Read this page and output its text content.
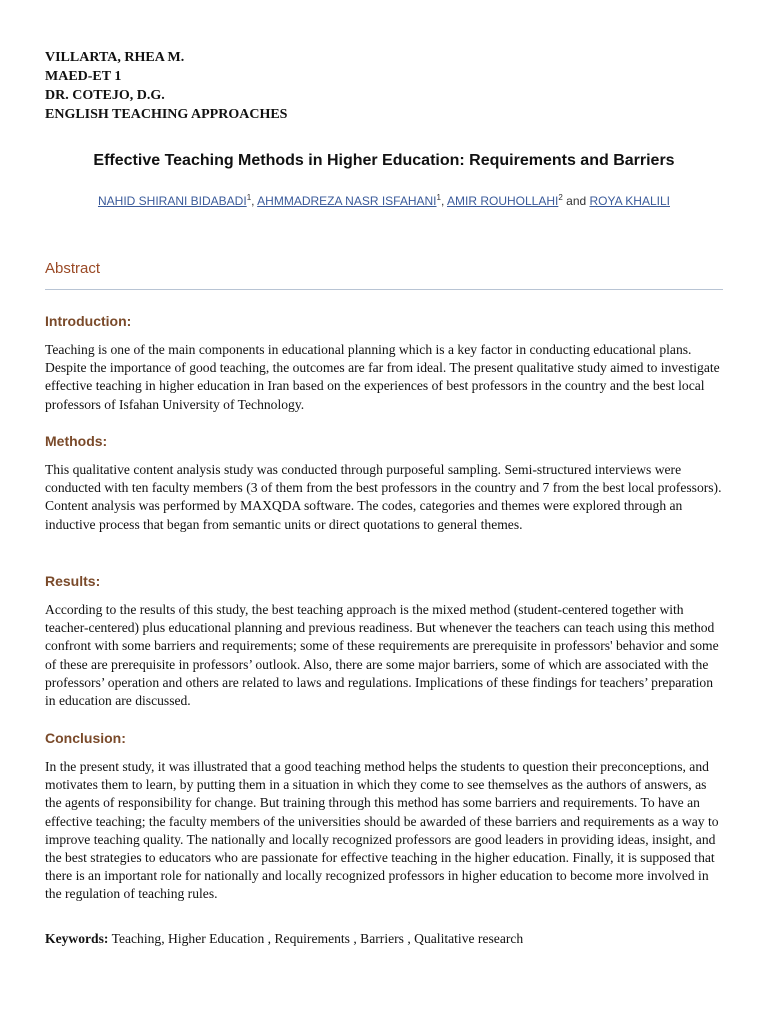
VILLARTA, RHEA M.
MAED-ET 1
DR. COTEJO, D.G.
ENGLISH TEACHING APPROACHES
Effective Teaching Methods in Higher Education: Requirements and Barriers
NAHID SHIRANI BIDABADI$^1$, AHMMADREZA NASR ISFAHANI$^1$, AMIR ROUHOLLAHI$^2$ and ROYA KHALILI
Abstract
Introduction:

Teaching is one of the main components in educational planning which is a key factor in conducting educational plans. Despite the importance of good teaching, the outcomes are far from ideal. The present qualitative study aimed to investigate effective teaching in higher education in Iran based on the experiences of best professors in the country and the best local professors of Isfahan University of Technology.

Methods:

This qualitative content analysis study was conducted through purposeful sampling. Semi-structured interviews were conducted with ten faculty members (3 of them from the best professors in the country and 7 from the best local professors). Content analysis was performed by MAXQDA software. The codes, categories and themes were explored through an inductive process that began from semantic units or direct quotations to general themes.

Results:

According to the results of this study, the best teaching approach is the mixed method (student-centered together with teacher-centered) plus educational planning and previous readiness. But whenever the teachers can teach using this method confront with some barriers and requirements; some of these requirements are prerequisite in professors' behavior and some of these are prerequisite in professors’ outlook. Also, there are some major barriers, some of which are associated with the professors’ operation and others are related to laws and regulations. Implications of these findings for teachers’ preparation in education are discussed.

Conclusion:

In the present study, it was illustrated that a good teaching method helps the students to question their preconceptions, and motivates them to learn, by putting them in a situation in which they come to see themselves as the authors of answers, as the agents of responsibility for change. But training through this method has some barriers and requirements. To have an effective teaching; the faculty members of the universities should be awarded of these barriers and requirements as a way to improve teaching quality. The nationally and locally recognized professors are good leaders in providing ideas, insight, and the best strategies to educators who are passionate for effective teaching in the higher education. Finally, it is supposed that there is an important role for nationally and locally recognized professors in higher education to become more involved in the regulation of teaching rules.

Keywords: Teaching, Higher Education , Requirements , Barriers , Qualitative research
